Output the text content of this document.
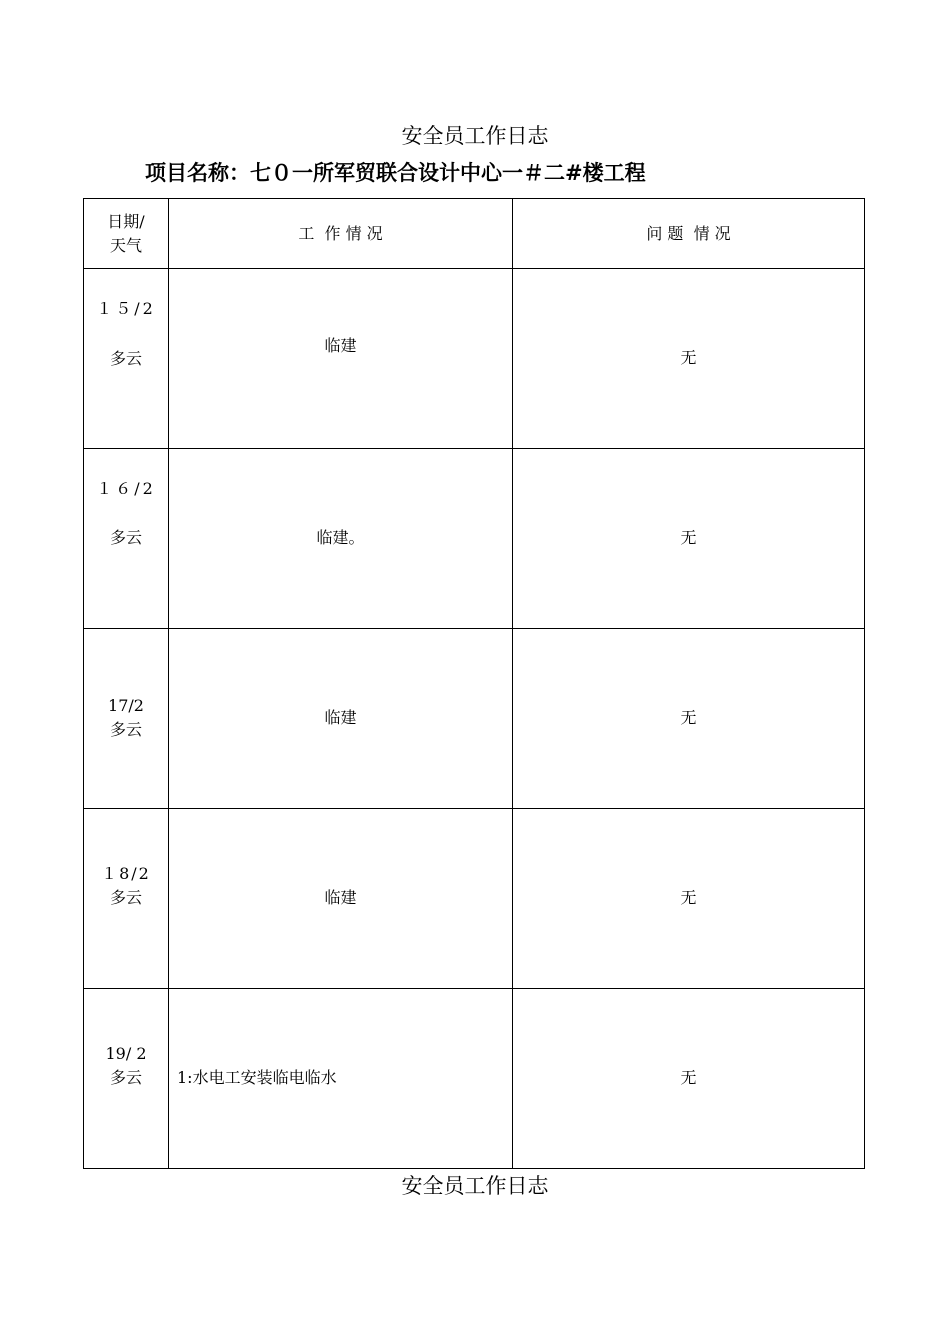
安全员工作日志

项目名称：七０一所军贸联合设计中心一＃二#楼工程

日期/
天气	工  作 情 况	问 题  情 况

１５/2
多云	临建	无

１６/2
多云	临建。	无

17/2
多云	临建	无

１8/2
多云	临建	无

19/ 2
多云	1:水电工安装临电临水	无
安全员工作日志
